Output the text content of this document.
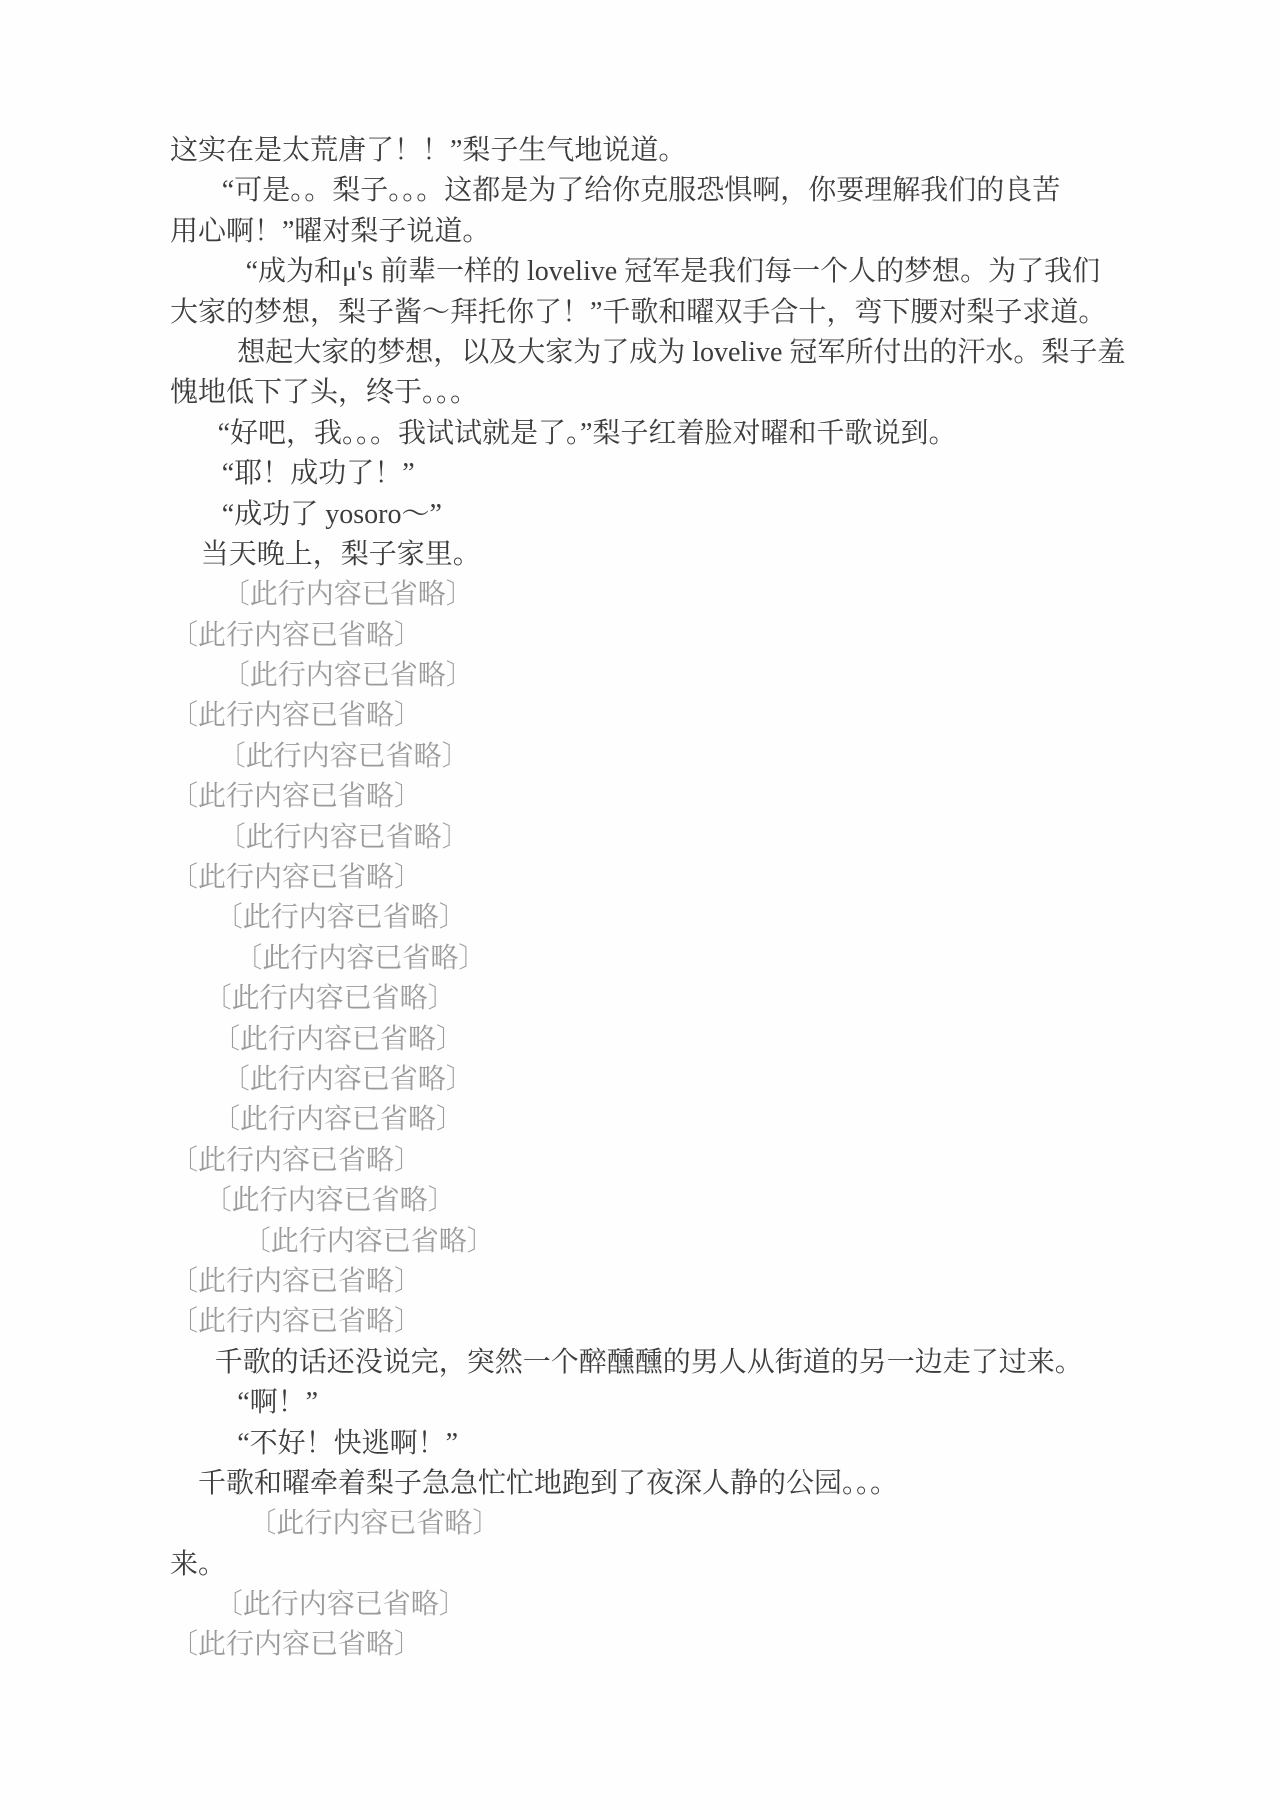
这实在是太荒唐了！！”梨子生气地说道。
“可是。。梨子。。。这都是为了给你克服恐惧啊，你要理解我们的良苦
用心啊！”曜对梨子说道。
“成为和μ's 前辈一样的 lovelive 冠军是我们每一个人的梦想。为了我们
大家的梦想，梨子酱～拜托你了！”千歌和曜双手合十，弯下腰对梨子求道。
想起大家的梦想，以及大家为了成为 lovelive 冠军所付出的汗水。梨子羞
愧地低下了头，终于。。。
“好吧，我。。。我试试就是了。”梨子红着脸对曜和千歌说到。
“耶！成功了！”
“成功了 yosoro～”
当天晚上，梨子家里。
〔此行内容已省略〕
〔此行内容已省略〕
〔此行内容已省略〕
〔此行内容已省略〕
〔此行内容已省略〕
〔此行内容已省略〕
〔此行内容已省略〕
〔此行内容已省略〕
〔此行内容已省略〕
〔此行内容已省略〕
〔此行内容已省略〕
〔此行内容已省略〕
〔此行内容已省略〕
〔此行内容已省略〕
〔此行内容已省略〕
〔此行内容已省略〕
〔此行内容已省略〕
〔此行内容已省略〕
〔此行内容已省略〕
千歌的话还没说完，突然一个醉醺醺的男人从街道的另一边走了过来。
“啊！”
“不好！快逃啊！”
千歌和曜牵着梨子急急忙忙地跑到了夜深人静的公园。。。
〔此行内容已省略〕
来。
〔此行内容已省略〕
〔此行内容已省略〕
